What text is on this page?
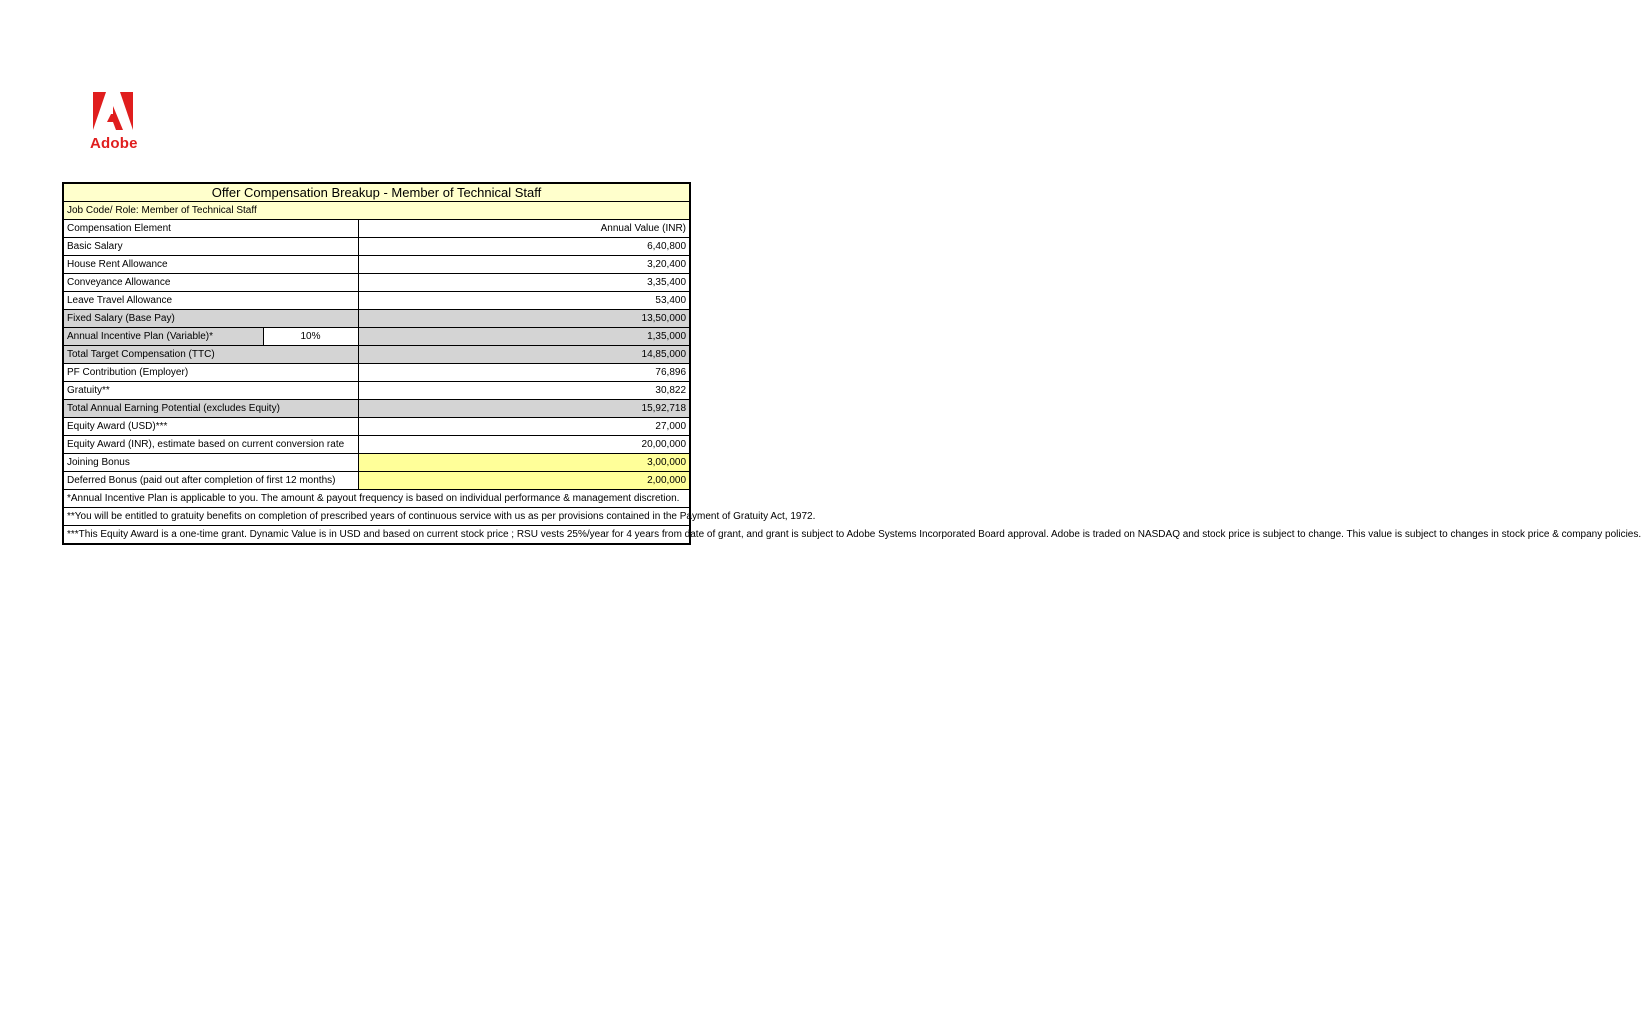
Adobe
Offer Compensation Breakup - Member of Technical Staff		
Job Code/ Role: Member of Technical Staff		
Compensation Element		Annual Value (INR)
Basic Salary		6,40,800
House Rent Allowance		3,20,400
Conveyance Allowance		3,35,400
Leave Travel Allowance		53,400
Fixed Salary (Base Pay)		13,50,000
Annual Incentive Plan (Variable)*	10%	1,35,000
Total Target Compensation (TTC)		14,85,000
PF Contribution (Employer)		76,896
Gratuity**		30,822
Total Annual Earning Potential (excludes Equity)		15,92,718
Equity Award (USD)***		27,000
Equity Award (INR), estimate based on current conversion rate		20,00,000
Joining Bonus		3,00,000
Deferred Bonus (paid out after completion of first 12 months)		2,00,000
*Annual Incentive Plan is applicable to you. The amount & payout frequency is based on individual performance & management discretion.		
**You will be entitled to gratuity benefits on completion of prescribed years of continuous service with us as per provisions contained in the Payment of Gratuity Act, 1972.		
***This Equity Award is a one-time grant. Dynamic Value is in USD and based on current stock price ; RSU vests 25%/year for 4 years from date of grant, and grant is subject to Adobe Systems Incorporated Board approval. Adobe is traded on NASDAQ and stock price is subject to change. This value is subject to changes in stock price & company policies.		
